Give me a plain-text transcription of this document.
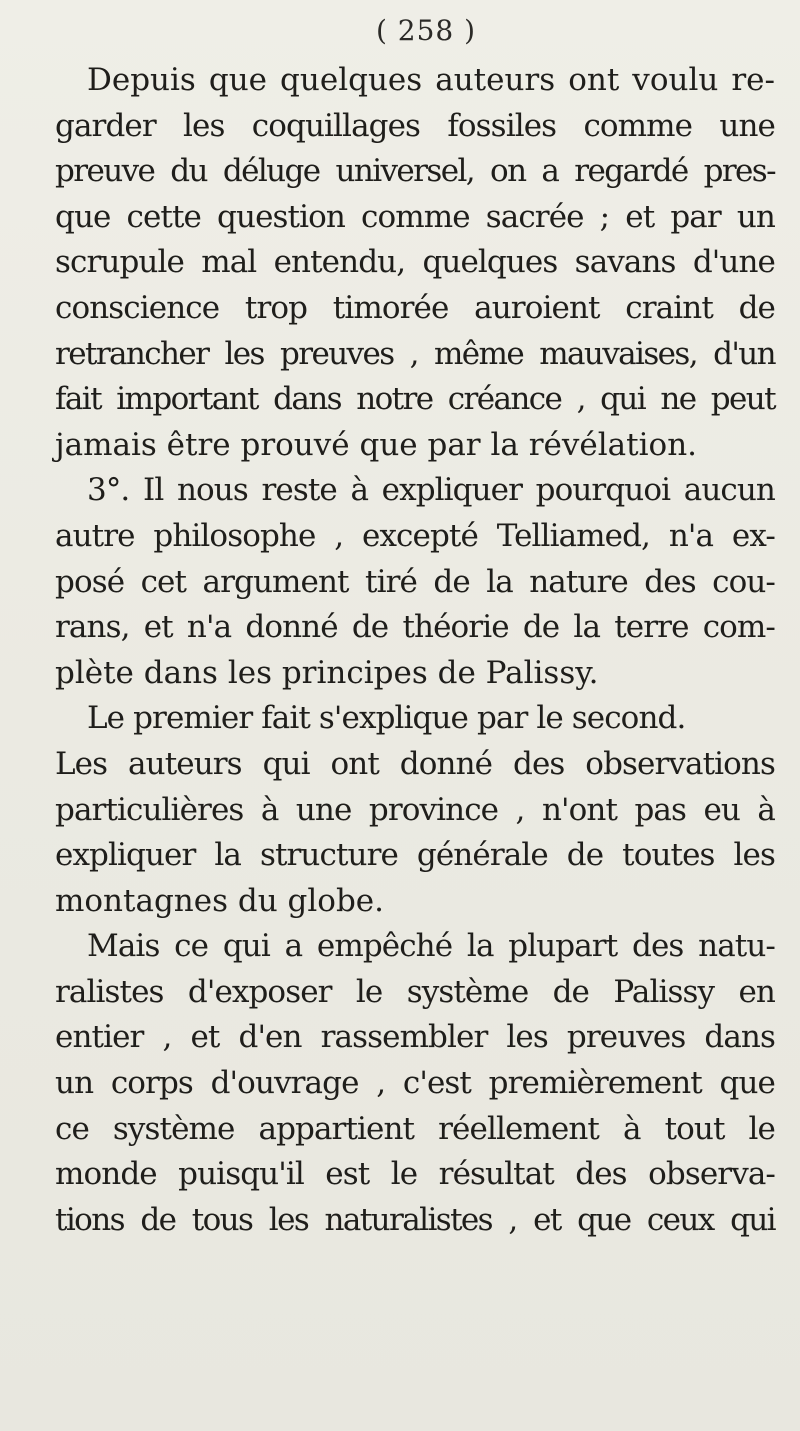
( 258 )
Depuis que quelques auteurs ont voulu re-
garder les coquillages fossiles comme une
preuve du déluge universel, on a regardé pres-
que cette question comme sacrée ; et par un
scrupule mal entendu, quelques savans d'une
conscience trop timorée auroient craint de
retrancher les preuves , même mauvaises, d'un
fait important dans notre créance , qui ne peut
jamais être prouvé que par la révélation.
3°. Il nous reste à expliquer pourquoi aucun
autre philosophe , excepté Telliamed, n'a ex-
posé cet argument tiré de la nature des cou-
rans, et n'a donné de théorie de la terre com-
plète dans les principes de Palissy.
Le premier fait s'explique par le second.
Les auteurs qui ont donné des observations
particulières à une province , n'ont pas eu à
expliquer la structure générale de toutes les
montagnes du globe.
Mais ce qui a empêché la plupart des natu-
ralistes d'exposer le système de Palissy en
entier , et d'en rassembler les preuves dans
un corps d'ouvrage , c'est premièrement que
ce système appartient réellement à tout le
monde puisqu'il est le résultat des observa-
tions de tous les naturalistes , et que ceux qui
